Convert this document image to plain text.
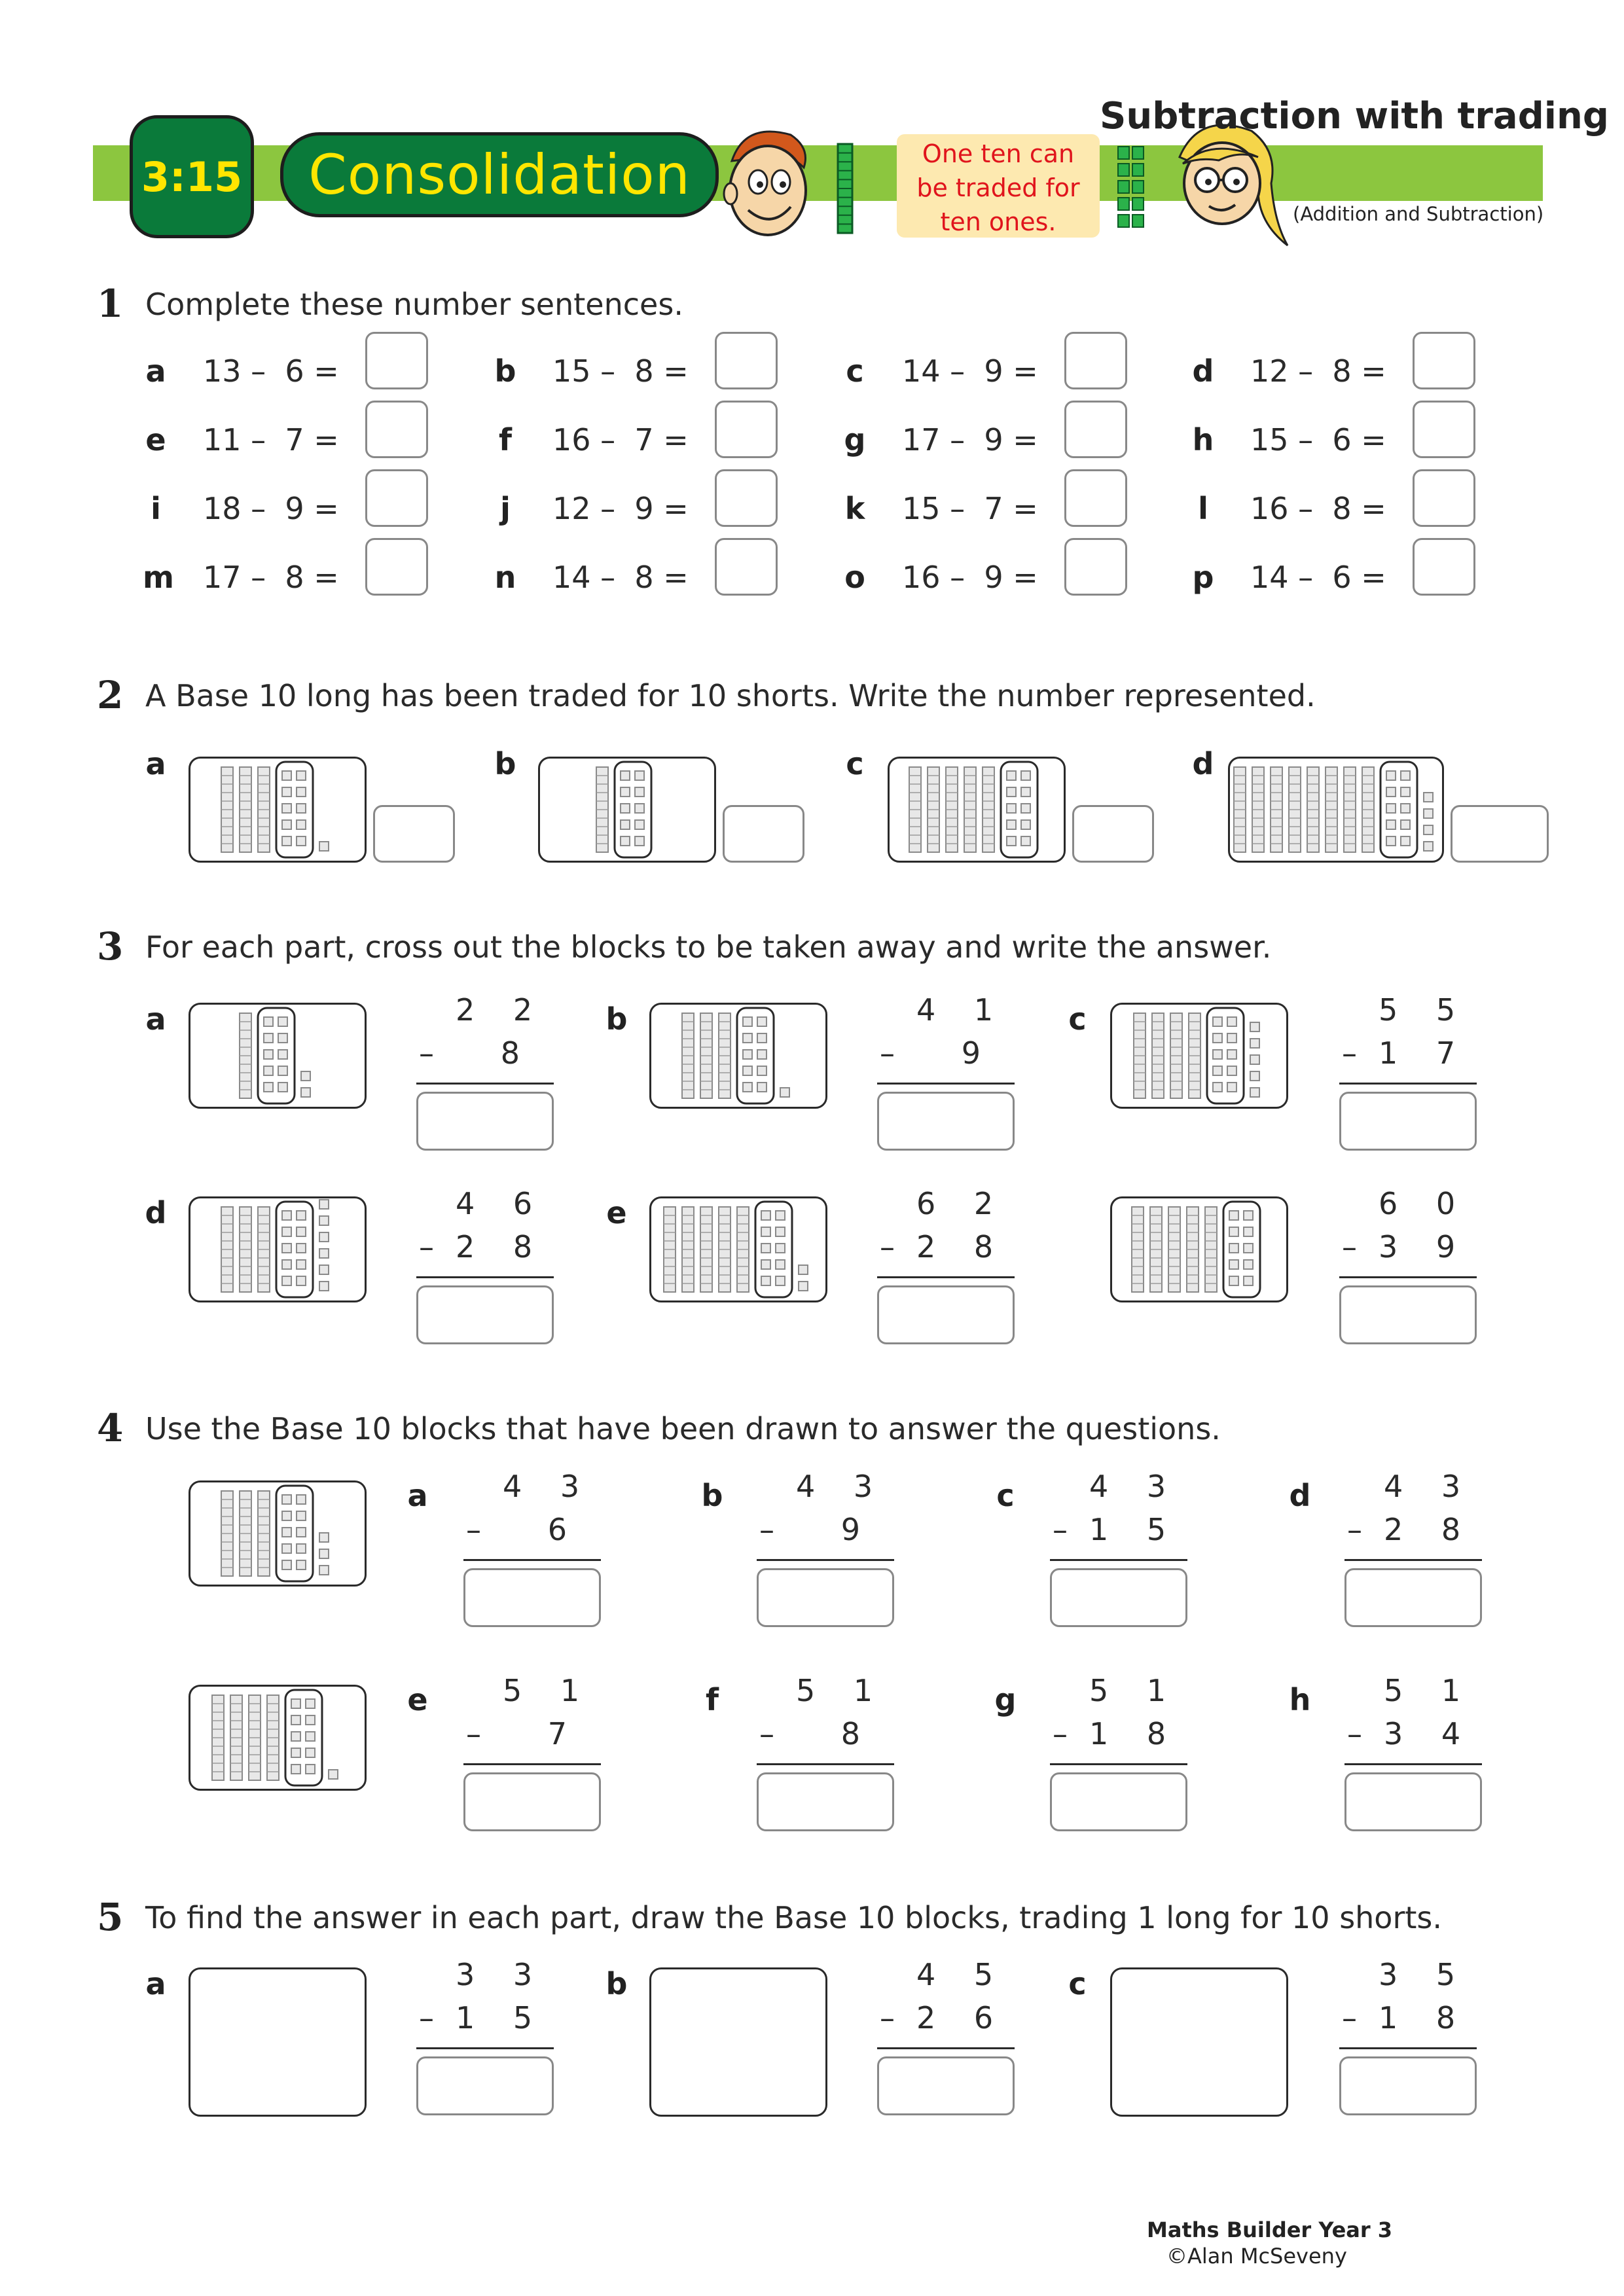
3:15	Consolidation	One ten can
be traded for
ten ones.
Subtraction with trading
(Addition and Subtraction)
1 Complete these number sentences.
2 A Base 10 long has been traded for 10 shorts. Write the number represented.
3 For each part, cross out the blocks to be taken away and write the answer.
4 Use the Base 10 blocks that have been drawn to answer the questions.
5 To find the answer in each part, draw the Base 10 blocks, trading 1 long for 10 shorts.
Maths Builder Year 3
©Alan McSeveny
a 13 –  6 =	b 15 –  8 =	c 14 –  9 =	d 12 –  8 =
e 11 –  7 =	f 16 –  7 =	g 17 –  9 =	h 15 –  6 =
i 18 –  9 =	j 12 –  9 =	k 15 –  7 =	l 16 –  8 =
m 17 –  8 =	n 14 –  8 =	o 16 –  9 =	p 14 –  6 =
a	b	c	d
a	2 2
–	8
b	4 1
–	9
c	5 5
– 1 7
d	4 6
– 2 8
e	6 2
– 2 8
6 0
– 3 9
a 4 3
–	6
b 4 3
–	9
c 4 3
– 1 5
d 4 3
– 2 8
e 5 1
–	7
f	5 1
–	8
g 5 1
– 1 8
h 5 1
– 3 4
a	3 3
– 1 5
b	4 5
– 2 6
c	3 5
– 1 8
